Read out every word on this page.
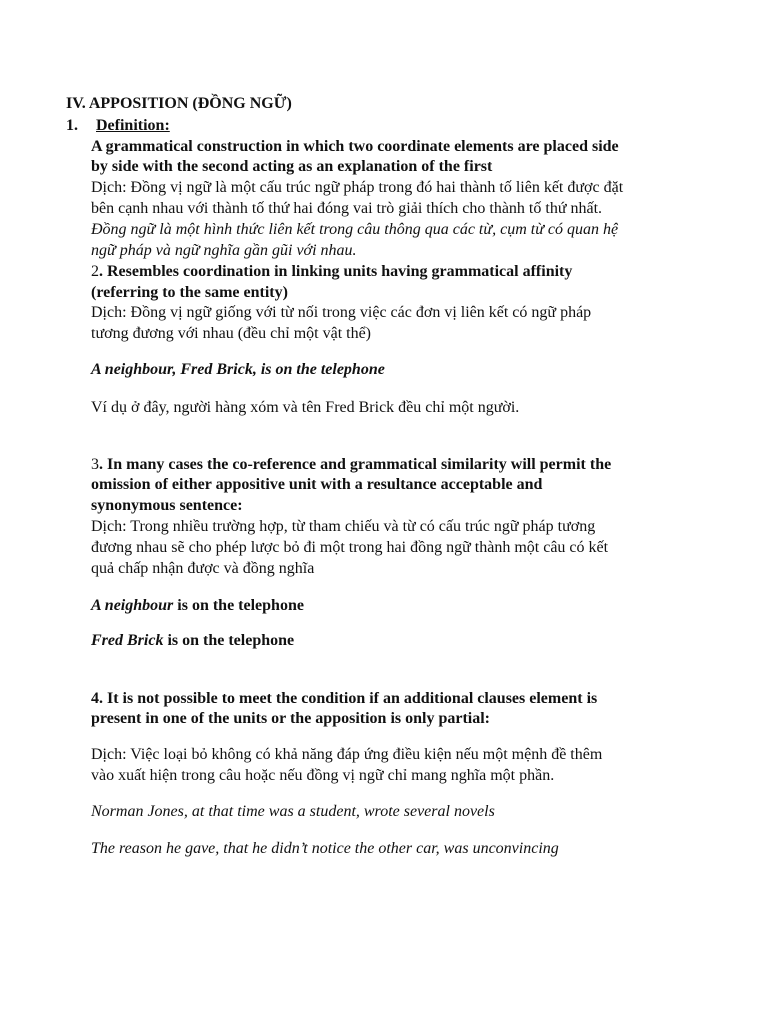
IV. APPOSITION (ĐỒNG NGỮ)
1. Definition:
A grammatical construction in which two coordinate elements are placed side
by side with the second acting as an explanation of the first
Dịch: Đồng vị ngữ là một cấu trúc ngữ pháp trong đó hai thành tố liên kết được đặt
bên cạnh nhau với thành tố thứ hai đóng vai trò giải thích cho thành tố thứ nhất.
Đồng ngữ là một hình thức liên kết trong câu thông qua các từ, cụm từ có quan hệ
ngữ pháp và ngữ nghĩa gần gũi với nhau.
2. Resembles coordination in linking units having grammatical affinity
(referring to the same entity)
Dịch: Đồng vị ngữ giống với từ nối trong việc các đơn vị liên kết có ngữ pháp
tương đương với nhau (đều chỉ một vật thể)
A neighbour, Fred Brick, is on the telephone
Ví dụ ở đây, người hàng xóm và tên Fred Brick đều chỉ một người.
3. In many cases the co-reference and grammatical similarity will permit the
omission of either appositive unit with a resultance acceptable and
synonymous sentence:
Dịch: Trong nhiều trường hợp, từ tham chiếu và từ có cấu trúc ngữ pháp tương
đương nhau sẽ cho phép lược bỏ đi một trong hai đồng ngữ thành một câu có kết
quả chấp nhận được và đồng nghĩa
A neighbour is on the telephone
Fred Brick is on the telephone
4. It is not possible to meet the condition if an additional clauses element is
present in one of the units or the apposition is only partial:
Dịch: Việc loại bỏ không có khả năng đáp ứng điều kiện nếu một mệnh đề thêm
vào xuất hiện trong câu hoặc nếu đồng vị ngữ chỉ mang nghĩa một phần.
Norman Jones, at that time was a student, wrote several novels
The reason he gave, that he didn’t notice the other car, was unconvincing
